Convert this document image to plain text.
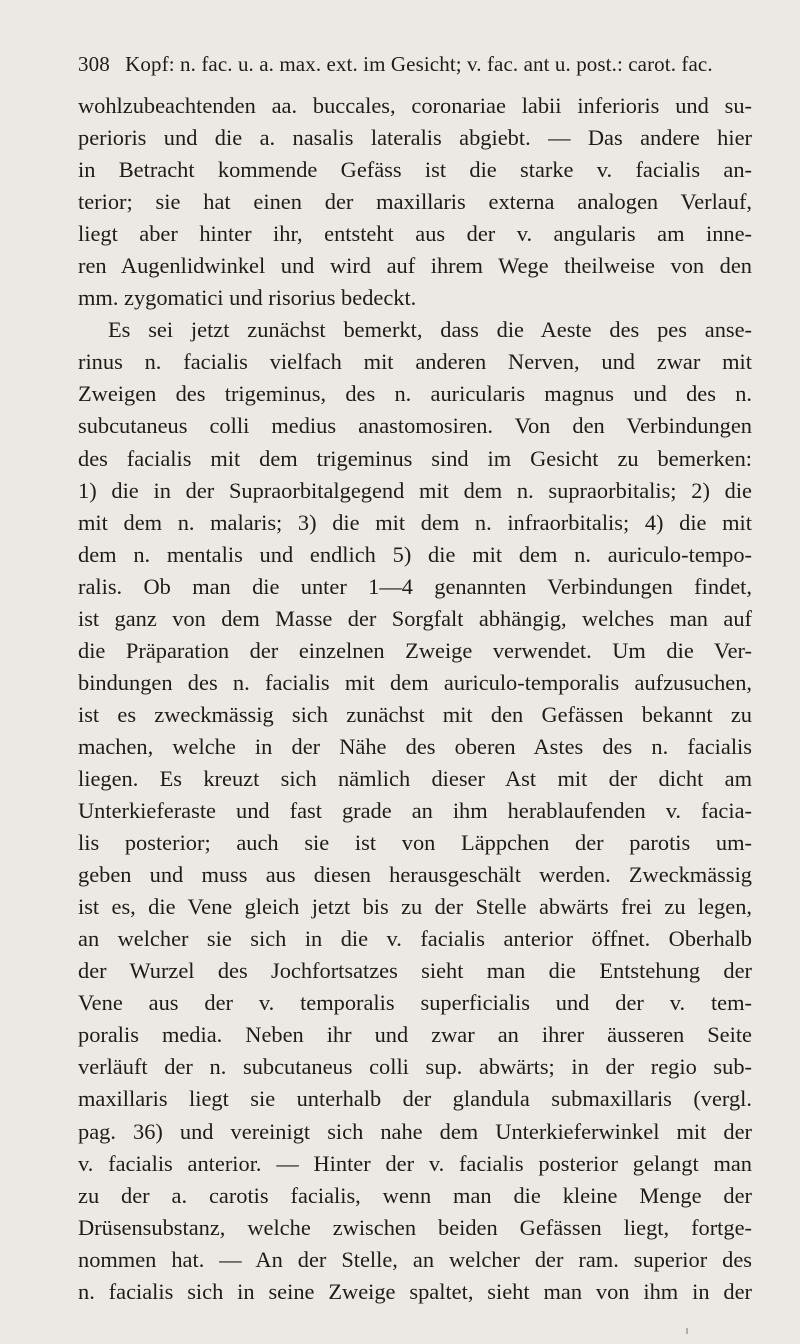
308 Kopf: n. fac. u. a. max. ext. im Gesicht; v. fac. ant u. post.: carot. fac.
wohlzubeachtenden aa. buccales, coronariae labii inferioris und su-
perioris und die a. nasalis lateralis abgiebt. — Das andere hier
in Betracht kommende Gefäss ist die starke v. facialis an-
terior; sie hat einen der maxillaris externa analogen Verlauf,
liegt aber hinter ihr, entsteht aus der v. angularis am inne-
ren Augenlidwinkel und wird auf ihrem Wege theilweise von den
mm. zygomatici und risorius bedeckt.
Es sei jetzt zunächst bemerkt, dass die Aeste des pes anse-
rinus n. facialis vielfach mit anderen Nerven, und zwar mit
Zweigen des trigeminus, des n. auricularis magnus und des n.
subcutaneus colli medius anastomosiren. Von den Verbindungen
des facialis mit dem trigeminus sind im Gesicht zu bemerken:
1) die in der Supraorbitalgegend mit dem n. supraorbitalis; 2) die
mit dem n. malaris; 3) die mit dem n. infraorbitalis; 4) die mit
dem n. mentalis und endlich 5) die mit dem n. auriculo-tempo-
ralis. Ob man die unter 1—4 genannten Verbindungen findet,
ist ganz von dem Masse der Sorgfalt abhängig, welches man auf
die Präparation der einzelnen Zweige verwendet. Um die Ver-
bindungen des n. facialis mit dem auriculo-temporalis aufzusuchen,
ist es zweckmässig sich zunächst mit den Gefässen bekannt zu
machen, welche in der Nähe des oberen Astes des n. facialis
liegen. Es kreuzt sich nämlich dieser Ast mit der dicht am
Unterkieferaste und fast grade an ihm herablaufenden v. facia-
lis posterior; auch sie ist von Läppchen der parotis um-
geben und muss aus diesen herausgeschält werden. Zweckmässig
ist es, die Vene gleich jetzt bis zu der Stelle abwärts frei zu legen,
an welcher sie sich in die v. facialis anterior öffnet. Oberhalb
der Wurzel des Jochfortsatzes sieht man die Entstehung der
Vene aus der v. temporalis superficialis und der v. tem-
poralis media. Neben ihr und zwar an ihrer äusseren Seite
verläuft der n. subcutaneus colli sup. abwärts; in der regio sub-
maxillaris liegt sie unterhalb der glandula submaxillaris (vergl.
pag. 36) und vereinigt sich nahe dem Unterkieferwinkel mit der
v. facialis anterior. — Hinter der v. facialis posterior gelangt man
zu der a. carotis facialis, wenn man die kleine Menge der
Drüsensubstanz, welche zwischen beiden Gefässen liegt, fortge-
nommen hat. — An der Stelle, an welcher der ram. superior des
n. facialis sich in seine Zweige spaltet, sieht man von ihm in der
